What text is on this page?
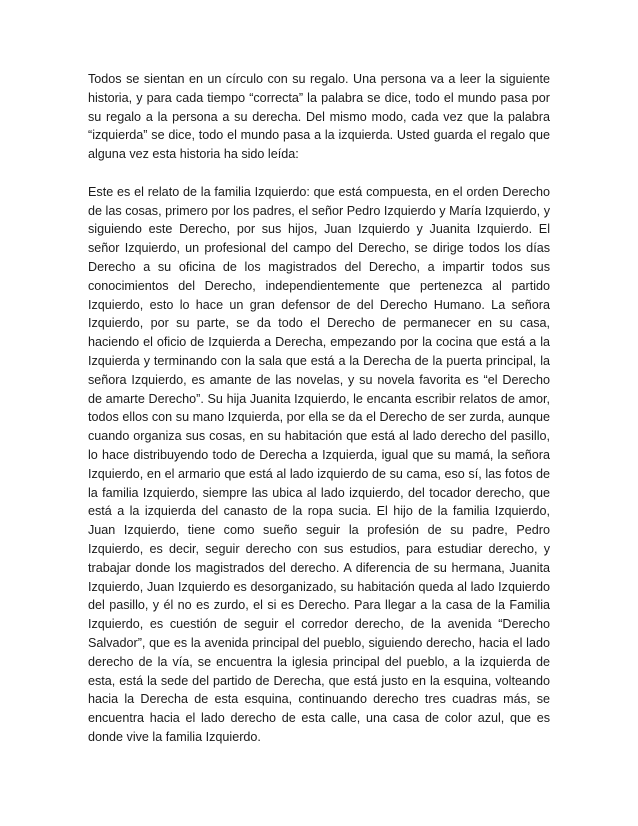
Todos se sientan en un círculo con su regalo. Una persona va a leer la siguiente historia, y para cada tiempo “correcta” la palabra se dice, todo el mundo pasa por su regalo a la persona a su derecha. Del mismo modo, cada vez que la palabra “izquierda” se dice, todo el mundo pasa a la izquierda. Usted guarda el regalo que alguna vez esta historia ha sido leída:

Este es el relato de la familia Izquierdo: que está compuesta, en el orden Derecho de las cosas, primero por los padres, el señor Pedro Izquierdo y María Izquierdo, y siguiendo este Derecho, por sus hijos, Juan Izquierdo y Juanita Izquierdo. El señor Izquierdo, un profesional del campo del Derecho, se dirige todos los días Derecho a su oficina de los magistrados del Derecho, a impartir todos sus conocimientos del Derecho, independientemente que pertenezca al partido Izquierdo, esto lo hace un gran defensor de del Derecho Humano. La señora Izquierdo, por su parte, se da todo el Derecho de permanecer en su casa, haciendo el oficio de Izquierda a Derecha, empezando por la cocina que está a la Izquierda y terminando con la sala que está a la Derecha de la puerta principal, la señora Izquierdo, es amante de las novelas, y su novela favorita es “el Derecho de amarte Derecho”. Su hija Juanita Izquierdo, le encanta escribir relatos de amor, todos ellos con su mano Izquierda, por ella se da el Derecho de ser zurda, aunque cuando organiza sus cosas, en su habitación que está al lado derecho del pasillo, lo hace distribuyendo todo de Derecha a Izquierda, igual que su mamá, la señora Izquierdo, en el armario que está al lado izquierdo de su cama, eso sí, las fotos de la familia Izquierdo, siempre las ubica al lado izquierdo, del tocador derecho, que está a la izquierda del canasto de la ropa sucia. El hijo de la familia Izquierdo, Juan Izquierdo, tiene como sueño seguir la profesión de su padre, Pedro Izquierdo, es decir, seguir derecho con sus estudios, para estudiar derecho, y trabajar donde los magistrados del derecho. A diferencia de su hermana, Juanita Izquierdo, Juan Izquierdo es desorganizado, su habitación queda al lado Izquierdo del pasillo, y él no es zurdo, el si es Derecho. Para llegar a la casa de la Familia Izquierdo, es cuestión de seguir el corredor derecho, de la avenida “Derecho Salvador”, que es la avenida principal del pueblo, siguiendo derecho, hacia el lado derecho de la vía, se encuentra la iglesia principal del pueblo, a la izquierda de esta, está la sede del partido de Derecha, que está justo en la esquina, volteando hacia la Derecha de esta esquina, continuando derecho tres cuadras más, se encuentra hacia el lado derecho de esta calle, una casa de color azul, que es donde vive la familia Izquierdo.
